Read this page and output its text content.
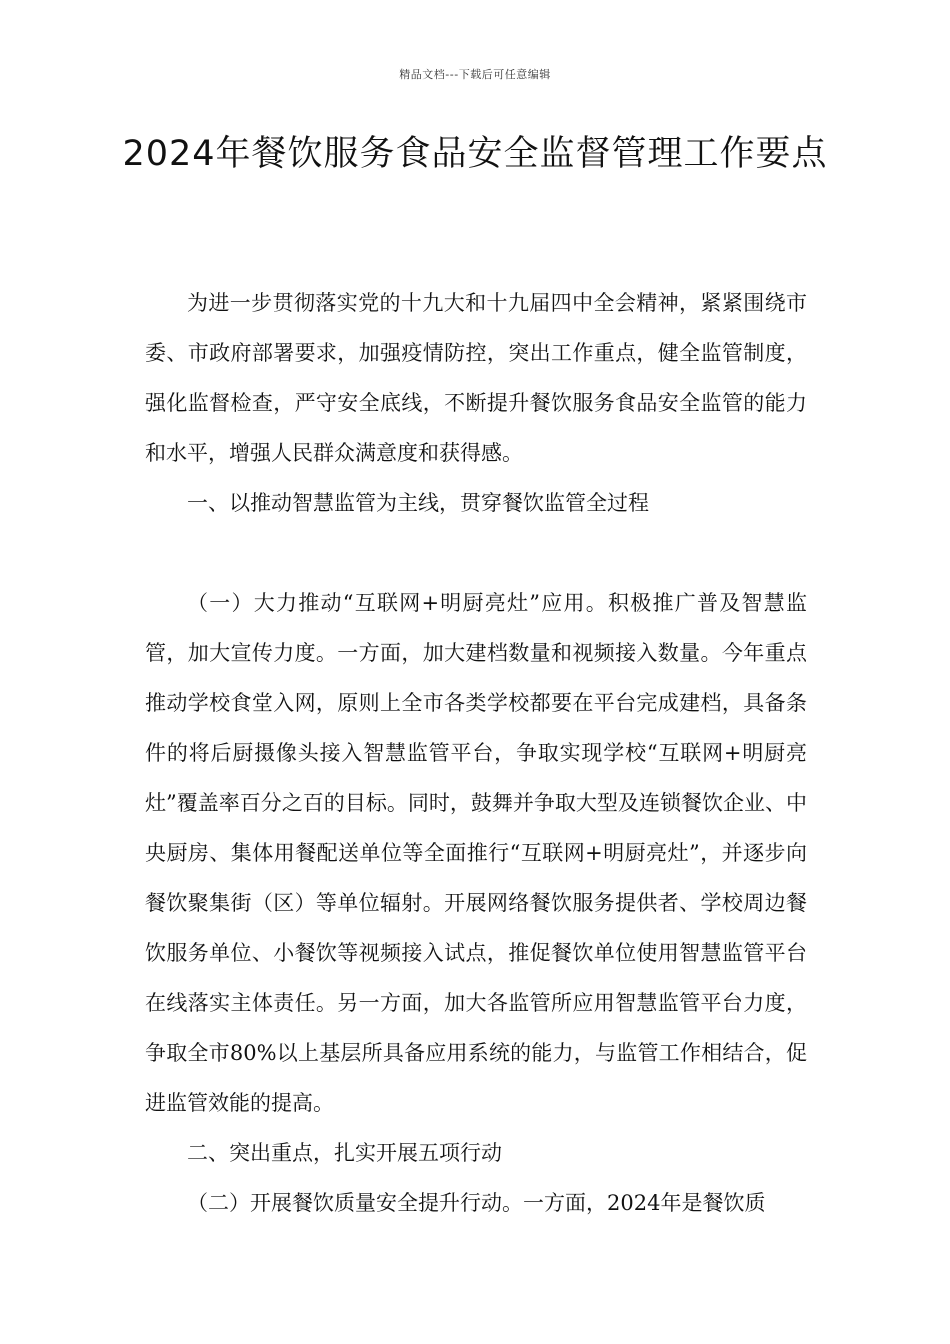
精品文档---下载后可任意编辑
2024年餐饮服务食品安全监督管理工作要点

为进一步贯彻落实党的十九大和十九届四中全会精神，紧紧围绕市委、市政府部署要求，加强疫情防控，突出工作重点，健全监管制度，强化监督检查，严守安全底线，不断提升餐饮服务食品安全监管的能力和水平，增强人民群众满意度和获得感。

一、以推动智慧监管为主线，贯穿餐饮监管全过程

（一）大力推动“互联网+明厨亮灶”应用。积极推广普及智慧监管，加大宣传力度。一方面，加大建档数量和视频接入数量。今年重点推动学校食堂入网，原则上全市各类学校都要在平台完成建档，具备条件的将后厨摄像头接入智慧监管平台，争取实现学校“互联网+明厨亮灶”覆盖率百分之百的目标。同时，鼓舞并争取大型及连锁餐饮企业、中央厨房、集体用餐配送单位等全面推行“互联网+明厨亮灶”，并逐步向餐饮聚集街（区）等单位辐射。开展网络餐饮服务提供者、学校周边餐饮服务单位、小餐饮等视频接入试点，推促餐饮单位使用智慧监管平台在线落实主体责任。另一方面，加大各监管所应用智慧监管平台力度，争取全市80%以上基层所具备应用系统的能力，与监管工作相结合，促进监管效能的提高。

二、突出重点，扎实开展五项行动

（二）开展餐饮质量安全提升行动。一方面，2024年是餐饮质
